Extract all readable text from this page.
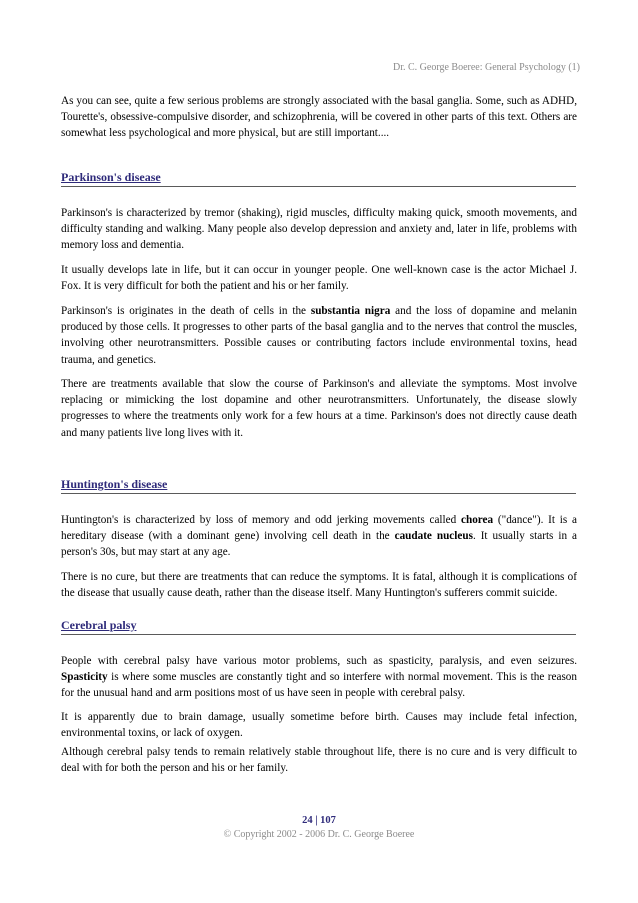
Dr. C. George Boeree: General Psychology (1)

As you can see, quite a few serious problems are strongly associated with the basal ganglia. Some, such as ADHD, Tourette's, obsessive-compulsive disorder, and schizophrenia, will be covered in other parts of this text. Others are somewhat less psychological and more physical, but are still important....

Parkinson's disease

Parkinson's is characterized by tremor (shaking), rigid muscles, difficulty making quick, smooth movements, and difficulty standing and walking. Many people also develop depression and anxiety and, later in life, problems with memory loss and dementia.

It usually develops late in life, but it can occur in younger people. One well-known case is the actor Michael J. Fox. It is very difficult for both the patient and his or her family.

Parkinson's is originates in the death of cells in the substantia nigra and the loss of dopamine and melanin produced by those cells. It progresses to other parts of the basal ganglia and to the nerves that control the muscles, involving other neurotransmitters. Possible causes or contributing factors include environmental toxins, head trauma, and genetics.

There are treatments available that slow the course of Parkinson's and alleviate the symptoms. Most involve replacing or mimicking the lost dopamine and other neurotransmitters. Unfortunately, the disease slowly progresses to where the treatments only work for a few hours at a time. Parkinson's does not directly cause death and many patients live long lives with it.

Huntington's disease

Huntington's is characterized by loss of memory and odd jerking movements called chorea ("dance"). It is a hereditary disease (with a dominant gene) involving cell death in the caudate nucleus. It usually starts in a person's 30s, but may start at any age.

There is no cure, but there are treatments that can reduce the symptoms. It is fatal, although it is complications of the disease that usually cause death, rather than the disease itself. Many Huntington's sufferers commit suicide.

Cerebral palsy

People with cerebral palsy have various motor problems, such as spasticity, paralysis, and even seizures. Spasticity is where some muscles are constantly tight and so interfere with normal movement. This is the reason for the unusual hand and arm positions most of us have seen in people with cerebral palsy.

It is apparently due to brain damage, usually sometime before birth. Causes may include fetal infection, environmental toxins, or lack of oxygen.

Although cerebral palsy tends to remain relatively stable throughout life, there is no cure and is very difficult to deal with for both the person and his or her family.

24 | 107
© Copyright 2002 - 2006 Dr. C. George Boeree
